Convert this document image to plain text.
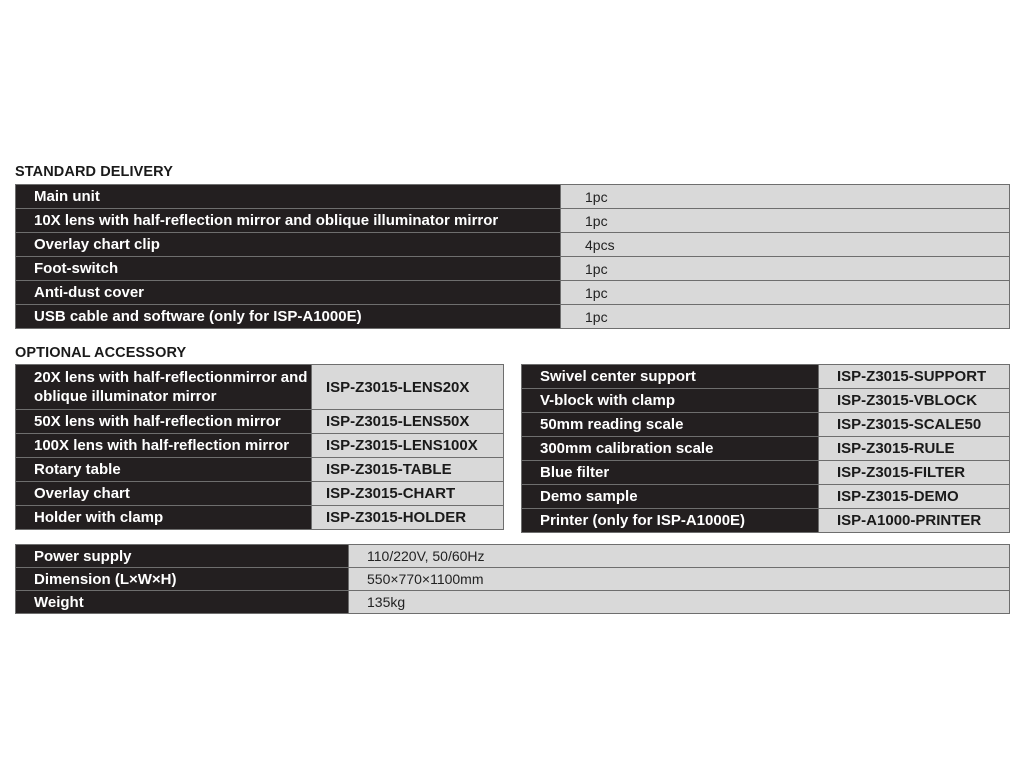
STANDARD DELIVERY
Main unit	1pc
10X lens with half-reflection mirror and oblique illuminator mirror	1pc
Overlay chart clip	4pcs
Foot-switch	1pc
Anti-dust cover	1pc
USB cable and software (only for ISP-A1000E)	1pc
OPTIONAL ACCESSORY
20X lens with half-reflectionmirror and oblique illuminator mirror	ISP-Z3015-LENS20X
50X lens with half-reflection mirror	ISP-Z3015-LENS50X
100X lens with half-reflection mirror	ISP-Z3015-LENS100X
Rotary table	ISP-Z3015-TABLE
Overlay chart	ISP-Z3015-CHART
Holder with clamp	ISP-Z3015-HOLDER
Swivel center support	ISP-Z3015-SUPPORT
V-block with clamp	ISP-Z3015-VBLOCK
50mm reading scale	ISP-Z3015-SCALE50
300mm calibration scale	ISP-Z3015-RULE
Blue filter	ISP-Z3015-FILTER
Demo sample	ISP-Z3015-DEMO
Printer (only for ISP-A1000E)	ISP-A1000-PRINTER
Power supply	110/220V, 50/60Hz
Dimension (L×W×H)	550×770×1100mm
Weight	135kg
